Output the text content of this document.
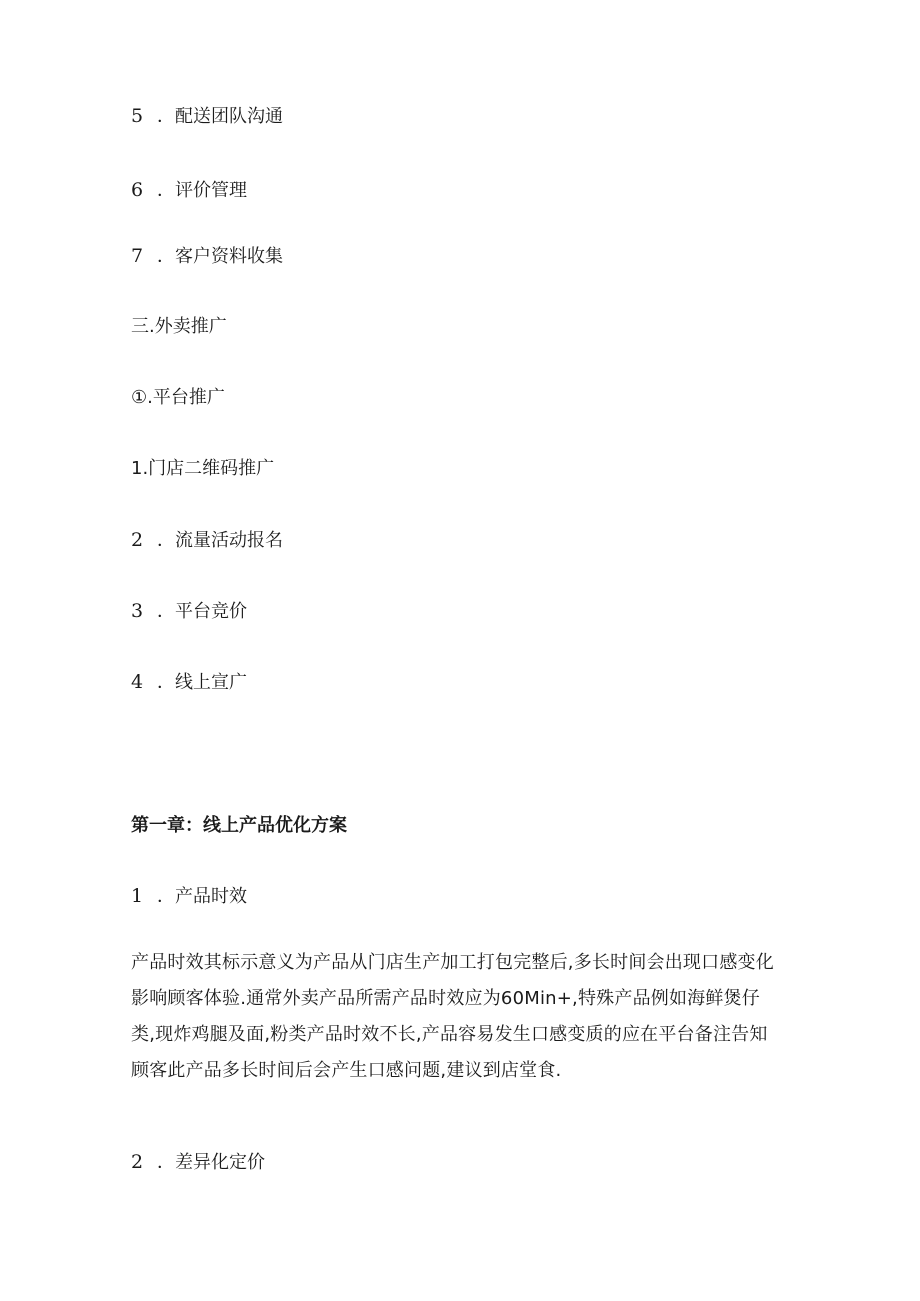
5 ．配送团队沟通
6 ．评价管理
7 ．客户资料收集
三.外卖推广
①.平台推广
1.门店二维码推广
2 ．流量活动报名
3 ．平台竞价
4 ．线上宣广
第一章：线上产品优化方案
1 ．产品时效
产品时效其标示意义为产品从门店生产加工打包完整后,多长时间会出现口感变化
影响顾客体验.通常外卖产品所需产品时效应为60Min+,特殊产品例如海鲜煲仔
类,现炸鸡腿及面,粉类产品时效不长,产品容易发生口感变质的应在平台备注告知
顾客此产品多长时间后会产生口感问题,建议到店堂食.
2 ．差异化定价
